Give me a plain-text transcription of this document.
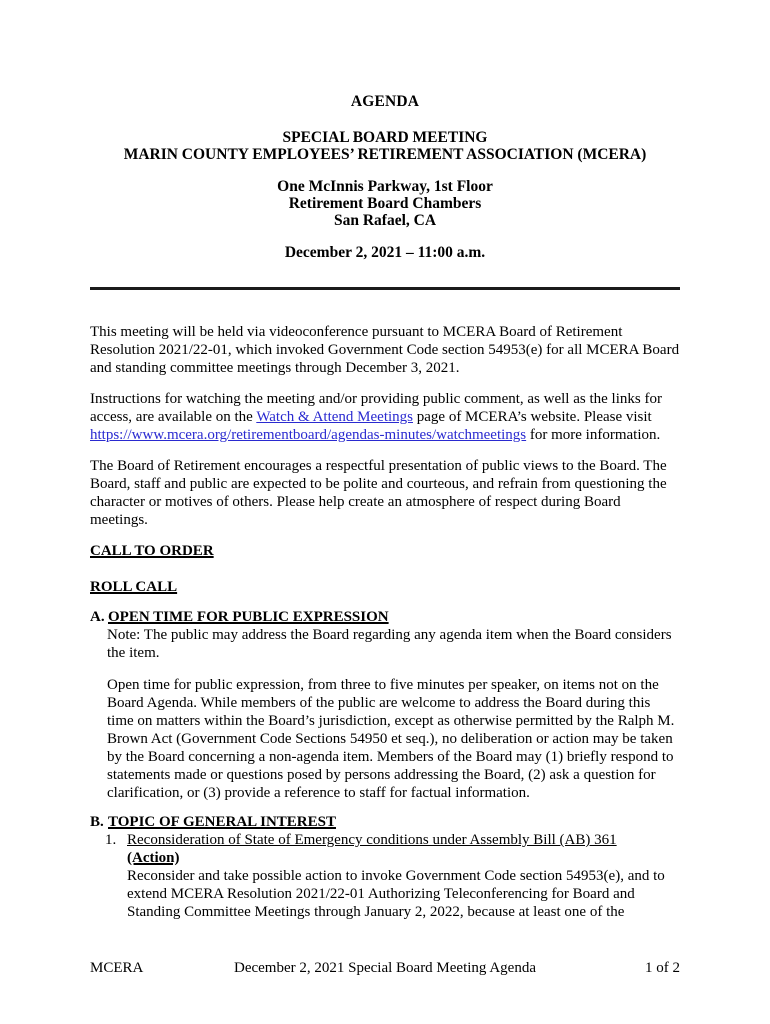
AGENDA
SPECIAL BOARD MEETING
MARIN COUNTY EMPLOYEES’ RETIREMENT ASSOCIATION (MCERA)
One McInnis Parkway, 1st Floor
Retirement Board Chambers
San Rafael, CA
December 2, 2021 – 11:00 a.m.

This meeting will be held via videoconference pursuant to MCERA Board of Retirement Resolution 2021/22-01, which invoked Government Code section 54953(e) for all MCERA Board and standing committee meetings through December 3, 2021.

Instructions for watching the meeting and/or providing public comment, as well as the links for access, are available on the Watch & Attend Meetings page of MCERA’s website. Please visit https://www.mcera.org/retirementboard/agendas-minutes/watchmeetings for more information.

The Board of Retirement encourages a respectful presentation of public views to the Board. The Board, staff and public are expected to be polite and courteous, and refrain from questioning the character or motives of others. Please help create an atmosphere of respect during Board meetings.

CALL TO ORDER
ROLL CALL
A. OPEN TIME FOR PUBLIC EXPRESSION

Note: The public may address the Board regarding any agenda item when the Board considers the item.

Open time for public expression, from three to five minutes per speaker, on items not on the Board Agenda. While members of the public are welcome to address the Board during this time on matters within the Board’s jurisdiction, except as otherwise permitted by the Ralph M. Brown Act (Government Code Sections 54950 et seq.), no deliberation or action may be taken by the Board concerning a non-agenda item. Members of the Board may (1) briefly respond to statements made or questions posed by persons addressing the Board, (2) ask a question for clarification, or (3) provide a reference to staff for factual information.

B. TOPIC OF GENERAL INTEREST
1. Reconsideration of State of Emergency conditions under Assembly Bill (AB) 361
(Action)
Reconsider and take possible action to invoke Government Code section 54953(e), and to extend MCERA Resolution 2021/22-01 Authorizing Teleconferencing for Board and Standing Committee Meetings through January 2, 2022, because at least one of the
MCERA	December 2, 2021 Special Board Meeting Agenda	1 of 2
